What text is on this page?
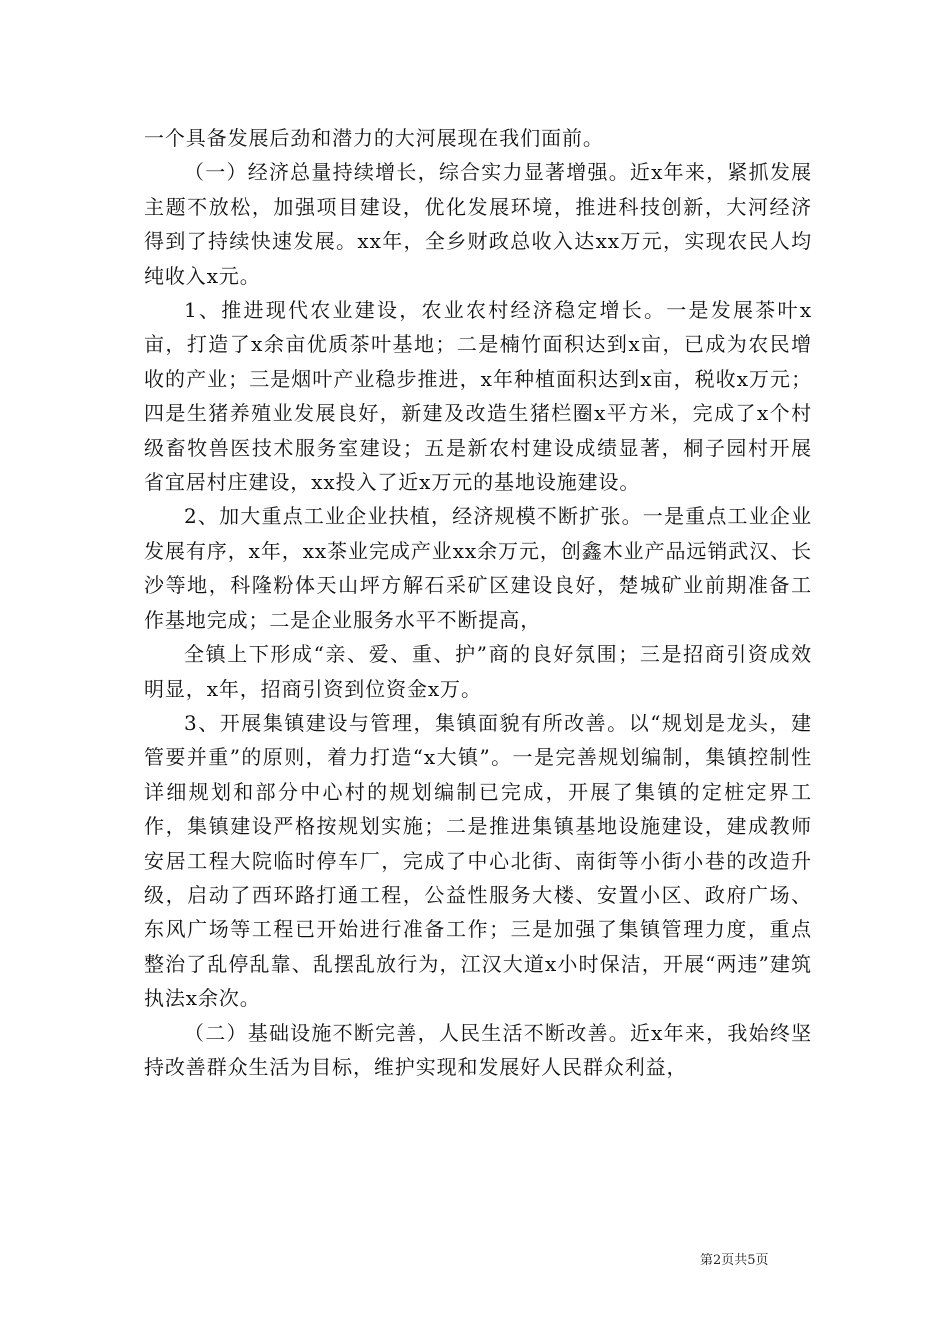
一个具备发展后劲和潜力的大河展现在我们面前。

（一）经济总量持续增长，综合实力显著增强。近x年来，紧抓发展主题不放松，加强项目建设，优化发展环境，推进科技创新，大河经济得到了持续快速发展。xx年，全乡财政总收入达xx万元，实现农民人均纯收入x元。

1、推进现代农业建设，农业农村经济稳定增长。一是发展茶叶x亩，打造了x余亩优质茶叶基地；二是楠竹面积达到x亩，已成为农民增收的产业；三是烟叶产业稳步推进，x年种植面积达到x亩，税收x万元；四是生猪养殖业发展良好，新建及改造生猪栏圈x平方米，完成了x个村级畜牧兽医技术服务室建设；五是新农村建设成绩显著，桐子园村开展省宜居村庄建设，xx投入了近x万元的基地设施建设。

2、加大重点工业企业扶植，经济规模不断扩张。一是重点工业企业发展有序，x年，xx茶业完成产业xx余万元，创鑫木业产品远销武汉、长沙等地，科隆粉体天山坪方解石采矿区建设良好，楚城矿业前期准备工作基地完成；二是企业服务水平不断提高，

全镇上下形成“亲、爱、重、护”商的良好氛围；三是招商引资成效明显，x年，招商引资到位资金x万。

3、开展集镇建设与管理，集镇面貌有所改善。以“规划是龙头，建管要并重”的原则，着力打造“x大镇”。一是完善规划编制，集镇控制性详细规划和部分中心村的规划编制已完成，开展了集镇的定桩定界工作，集镇建设严格按规划实施；二是推进集镇基地设施建设，建成教师安居工程大院临时停车厂，完成了中心北街、南街等小街小巷的改造升级，启动了西环路打通工程，公益性服务大楼、安置小区、政府广场、东风广场等工程已开始进行准备工作；三是加强了集镇管理力度，重点整治了乱停乱靠、乱摆乱放行为，江汉大道x小时保洁，开展“两违”建筑执法x余次。

（二）基础设施不断完善，人民生活不断改善。近x年来，我始终坚持改善群众生活为目标，维护实现和发展好人民群众利益，

第2页共5页
